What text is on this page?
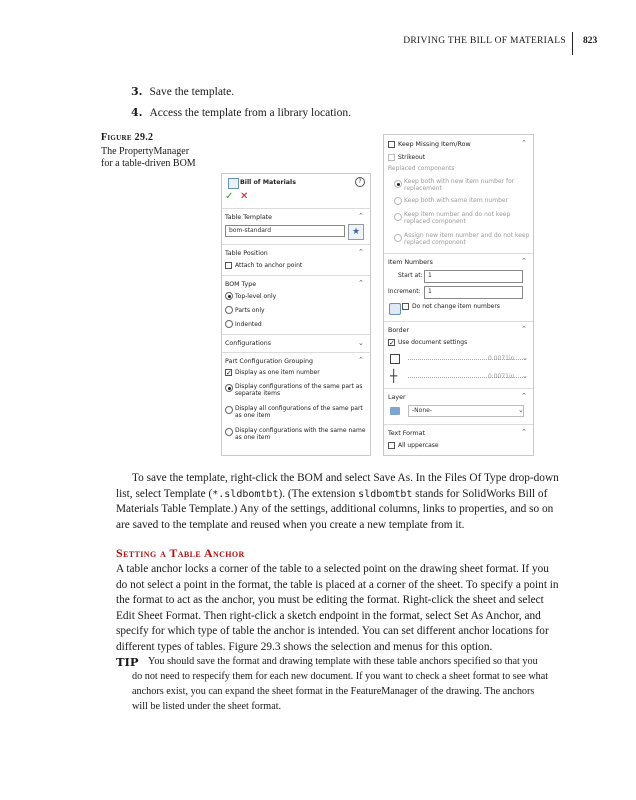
DRIVING THE BILL OF MATERIALS 823
3. Save the template.
4. Access the template from a library location.
Figure 29.2
The PropertyManager
for a table-driven BOM
Bill of Materials	?
✓ ✕
Table Template	⌃
bom-standard	★
Table Position	⌃
Attach to anchor point
BOM Type	⌃
Top-level only
Parts only
Indented
Configurations	⌄
Part Configuration Grouping	⌃
✓
Display as one item number
Display configurations of the same part as
separate items
Display all configurations of the same part
as one item
Display configurations with the same name
as one item
Keep Missing Item/Row	⌃
Strikeout
Replaced components
Keep both with new item number for
replacement
Keep both with same item number
Keep item number and do not keep
replaced component
Assign new item number and do not keep
replaced component
Item Numbers	⌃
Start at: 1
Increment:	1
Do not change item numbers
Border	⌃
✓
Use document settings
0.0071in ⌄
┼	0.0071in ⌄
Layer	⌃
-None-	⌄
Text Format	⌃
All uppercase
To save the template, right-click the BOM and select Save As. In the Files Of Type drop-down
list, select Template (*.sldbomtbt). (The extension sldbomtbt stands for SolidWorks Bill of
Materials Table Template.) Any of the settings, additional columns, links to properties, and so on
are saved to the template and reused when you create a new template from it.
Setting a Table Anchor
A table anchor locks a corner of the table to a selected point on the drawing sheet format. If you
do not select a point in the format, the table is placed at a corner of the sheet. To specify a point in
the format to act as the anchor, you must be editing the format. Right-click the sheet and select
Edit Sheet Format. Then right-click a sketch endpoint in the format, select Set As Anchor, and
specify for which type of table the anchor is intended. You can set different anchor locations for
different types of tables. Figure 29.3 shows the selection and menus for this option.
TIP You should save the format and drawing template with these table anchors specified so that you
do not need to respecify them for each new document. If you want to check a sheet format to see what
anchors exist, you can expand the sheet format in the FeatureManager of the drawing. The anchors
will be listed under the sheet format.
